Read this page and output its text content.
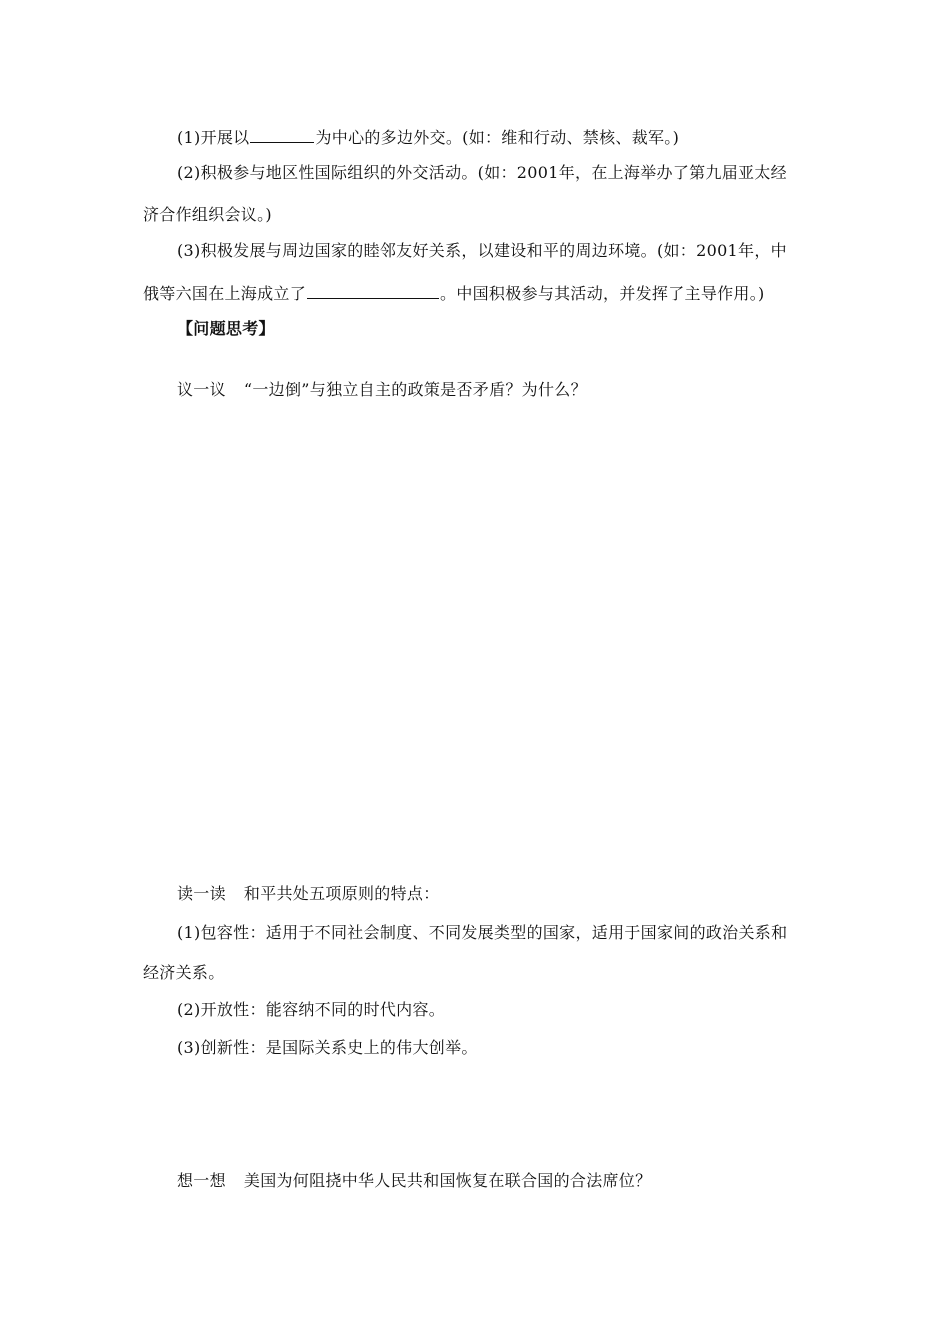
(1)开展以	为中心的多边外交。(如：维和行动、禁核、裁军。)
(2)积极参与地区性国际组织的外交活动。(如：2001年，在上海举办了第九届亚太经
济合作组织会议。)
(3)积极发展与周边国家的睦邻友好关系，以建设和平的周边环境。(如：2001年，中
俄等六国在上海成立了	。中国积极参与其活动，并发挥了主导作用。)
【问题思考】
议一议 “一边倒”与独立自主的政策是否矛盾？为什么？
读一读 和平共处五项原则的特点：
(1)包容性：适用于不同社会制度、不同发展类型的国家，适用于国家间的政治关系和
经济关系。
(2)开放性：能容纳不同的时代内容。
(3)创新性：是国际关系史上的伟大创举。
想一想 美国为何阻挠中华人民共和国恢复在联合国的合法席位？
